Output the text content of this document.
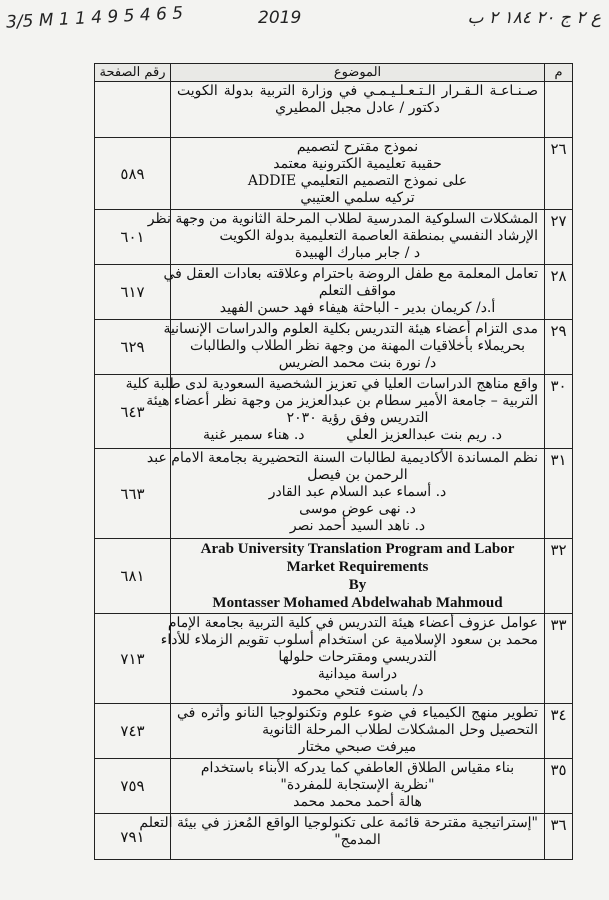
3/5 M 1 1 4 9 5 4 6 5	2019	ع ٢ ج ٢٠ ١٨٤ ٢ ب
م	الموضوع	رقم الصفحة

	صـنـاعـة الـقـرار الـتـعـلـيـمـي في وزارة التربية بدولة الكويت
دكتور / عادل مجبل المطيري	

٢٦	نموذج مقترح لتصميم
حقيبة تعليمية الكترونية معتمد
على نموذج التصميم التعليمي ADDIE
تركيه سلمي العتيبي	٥٨٩
٢٧	المشكلات السلوكية المدرسية لطلاب المرحلة الثانوية من وجهة نظر
الإرشاد النفسي بمنطقة العاصمة التعليمية بدولة الكويت
د / جابر مبارك الهبيدة	٦٠١
٢٨	تعامل المعلمة مع طفل الروضة باحترام وعلاقته بعادات العقل في
مواقف التعلم
أ.د/ كريمان بدير - الباحثة هيفاء فهد حسن الفهيد	٦١٧
٢٩	مدى التزام أعضاء هيئة التدريس بكلية العلوم والدراسات الإنسانية
بحريملاء بأخلاقيات المهنة من وجهة نظر الطلاب والطالبات
د/ نورة بنت محمد الضريس	٦٢٩
٣٠	واقع مناهج الدراسات العليا في تعزيز الشخصية السعودية لدى طلبة كلية
التربية – جامعة الأمير سطام بن عبدالعزيز من وجهة نظر أعضاء هيئة
التدريس وفق رؤية ٢٠٣٠
د. ريم بنت عبدالعزيز العلي
د. هناء سمير غنية	٦٤٣
٣١	نظم المساندة الأكاديمية لطالبات السنة التحضيرية بجامعة الامام عبد
الرحمن بن فيصل
د. أسماء عبد السلام عبد القادر
د. نهى عوض موسى
د. ناهد السيد أحمد نصر	٦٦٣
٣٢	Arab University Translation Program and Labor
Market Requirements
By
Montasser Mohamed Abdelwahab Mahmoud	٦٨١
٣٣	عوامل عزوف أعضاء هيئة التدريس في كلية التربية بجامعة الإمام
محمد بن سعود الإسلامية عن استخدام أسلوب تقويم الزملاء للأداء
التدريسي ومقترحات حلولها
دراسة ميدانية
د/ باسنت فتحي محمود	٧١٣
٣٤	تطوير منهج الكيمياء في ضوء علوم وتكنولوجيا النانو وأثره في
التحصيل وحل المشكلات لطلاب المرحلة الثانوية
ميرفت صبحي مختار	٧٤٣
٣٥	بناء مقياس الطلاق العاطفي كما يدركه الأبناء باستخدام
"نظرية الإستجابة للمفردة"
هالة أحمد محمد محمد	٧٥٩
٣٦	"إستراتيجية مقترحة قائمة على تكنولوجيا الواقع المُعزز في بيئة التعلم
المدمج"	٧٩١
